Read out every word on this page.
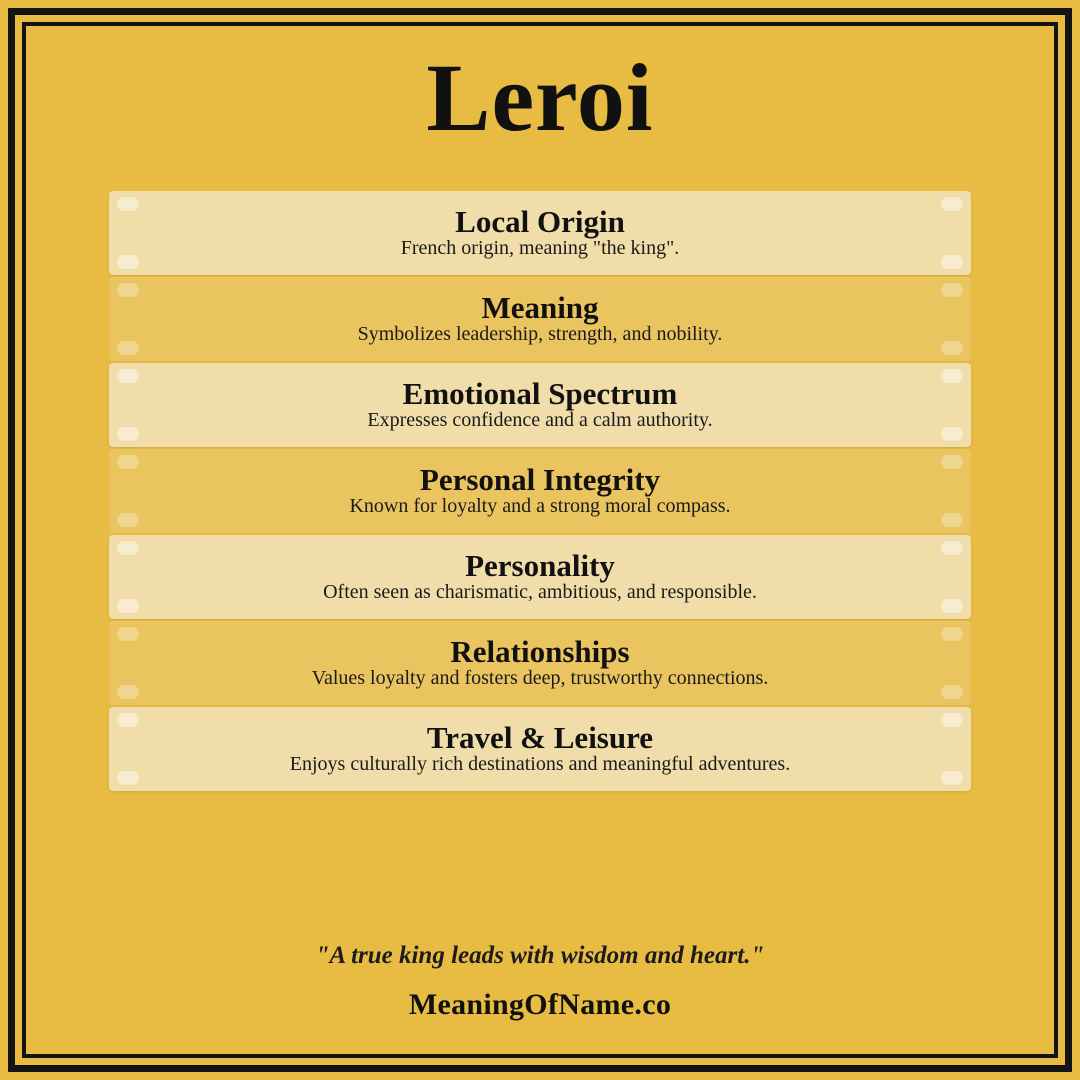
Leroi
Local Origin
French origin, meaning "the king".
Meaning
Symbolizes leadership, strength, and nobility.
Emotional Spectrum
Expresses confidence and a calm authority.
Personal Integrity
Known for loyalty and a strong moral compass.
Personality
Often seen as charismatic, ambitious, and responsible.
Relationships
Values loyalty and fosters deep, trustworthy connections.
Travel & Leisure
Enjoys culturally rich destinations and meaningful adventures.
"A true king leads with wisdom and heart."
MeaningOfName.co
